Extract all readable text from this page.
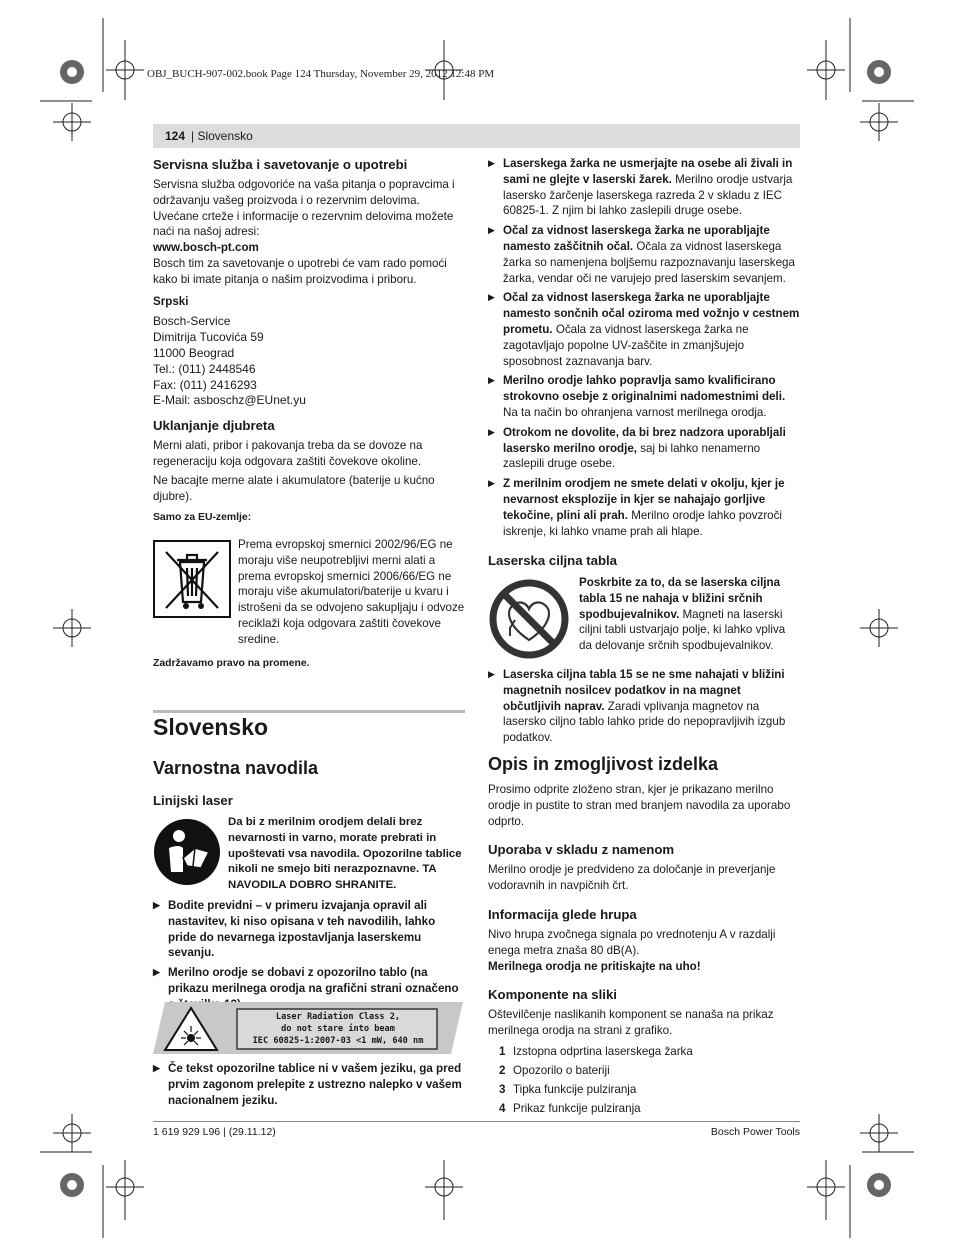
OBJ_BUCH-907-002.book Page 124 Thursday, November 29, 2012 12:48 PM
124 | Slovensko
Servisna služba i savetovanje o upotrebi

Servisna služba odgovoriće na vaša pitanja o popravcima i održavanju vašeg proizvoda i o rezervnim delovima. Uvećane crteže i informacije o rezervnim delovima možete naći na našoj adresi:

www.bosch-pt.com

Bosch tim za savetovanje o upotrebi će vam rado pomoći kako bi imate pitanja o našim proizvodima i priboru.

Srpski
Bosch-Service
Dimitrija Tucovića 59
11000 Beograd
Tel.: (011) 2448546
Fax: (011) 2416293
E-Mail: asboschz@EUnet.yu
Uklanjanje djubreta

Merni alati, pribor i pakovanja treba da se dovoze na regeneraciju koja odgovara zaštiti čovekove okoline.

Ne bacajte merne alate i akumulatore (baterije u kućno djubre).

Samo za EU-zemlje:
Prema evropskoj smernici 2002/96/EG ne moraju više neupotrebljivi merni alati a prema evropskoj smernici 2006/66/EG ne moraju više akumulatori/baterije u kvaru i istrošeni da se odvojeno sakupljaju i odvoze reciklaži koja odgovara zaštiti čovekove sredine.
Zadržavamo pravo na promene.
Slovensko
Varnostna navodila
Linijski laser
Da bi z merilnim orodjem delali brez nevarnosti in varno, morate prebrati in upoštevati vsa navodila. Opozorilne tablice nikoli ne smejo biti nerazpoznavne. TA NAVODILA DOBRO SHRANITE.
▶ Bodite previdni – v primeru izvajanja opravil ali nastavitev, ki niso opisana v teh navodilih, lahko pride do nevarnega izpostavljanja laserskemu sevanju.
▶ Merilno orodje se dobavi z opozorilno tablo (na prikazu merilnega orodja na grafični strani označeno
Laser Radiation Class 2,
do not stare into beam
IEC 60825-1:2007-03 <1 mW, 640 nm
▶ Če tekst opozorilne tablice ni v vašem jeziku, ga pred prvim zagonom prelepite z ustrezno nalepko v vašem nacionalnem jeziku.
▶ Laserskega žarka ne usmerjajte na osebe ali živali in sami ne glejte v laserski žarek. Merilno orodje ustvarja lasersko žarčenje laserskega razreda 2 v skladu z IEC 60825-1. Z njim bi lahko zaslepili druge osebe.
▶ Očal za vidnost laserskega žarka ne uporabljajte namesto zaščitnih očal. Očala za vidnost laserskega žarka so namenjena boljšemu razpoznavanju laserskega žarka, vendar oči ne varujejo pred laserskim sevanjem.
▶ Očal za vidnost laserskega žarka ne uporabljajte namesto sončnih očal oziroma med vožnjo v cestnem prometu. Očala za vidnost laserskega žarka ne zagotavljajo popolne UV-zaščite in zmanjšujejo sposobnost zaznavanja barv.
▶ Merilno orodje lahko popravlja samo kvalificirano strokovno osebje z originalnimi nadomestnimi deli. Na ta način bo ohranjena varnost merilnega orodja.
▶ Otrokom ne dovolite, da bi brez nadzora uporabljali lasersko merilno orodje, saj bi lahko nenamerno zaslepili druge osebe.
▶ Z merilnim orodjem ne smete delati v okolju, kjer je nevarnost eksplozije in kjer se nahajajo gorljive tekočine, plini ali prah. Merilno orodje lahko povzroči iskrenje, ki lahko vname prah ali hlape.
Laserska ciljna tabla
Poskrbite za to, da se laserska ciljna tabla 15 ne nahaja v bližini srčnih spodbujevalnikov. Magneti na laserski ciljni tabli ustvarjajo polje, ki lahko vpliva da delovanje srčnih spodbujevalnikov.
▶ Laserska ciljna tabla 15 se ne sme nahajati v bližini magnetnih nosilcev podatkov in na magnet občutljivih naprav. Zaradi vplivanja magnetov na lasersko ciljno tablo lahko pride do nepopravljivih izgub podatkov.
Opis in zmogljivost izdelka

Prosimo odprite zloženo stran, kjer je prikazano merilno orodje in pustite to stran med branjem navodila za uporabo odprto.

Uporaba v skladu z namenom

Merilno orodje je predvideno za določanje in preverjanje vodoravnih in navpičnih črt.

Informacija glede hrupa

Nivo hrupa zvočnega signala po vrednotenju A v razdalji enega metra znaša 80 dB(A).

Merilnega orodja ne pritiskajte na uho!
Komponente na sliki

Oštevilčenje naslikanih komponent se nanaša na prikaz merilnega orodja na strani z grafiko.

1 Izstopna odprtina laserskega žarka
2 Opozorilo o bateriji
3 Tipka funkcije pulziranja
4 Prikaz funkcije pulziranja
1 619 929 L96 | (29.11.12)	Bosch Power Tools
